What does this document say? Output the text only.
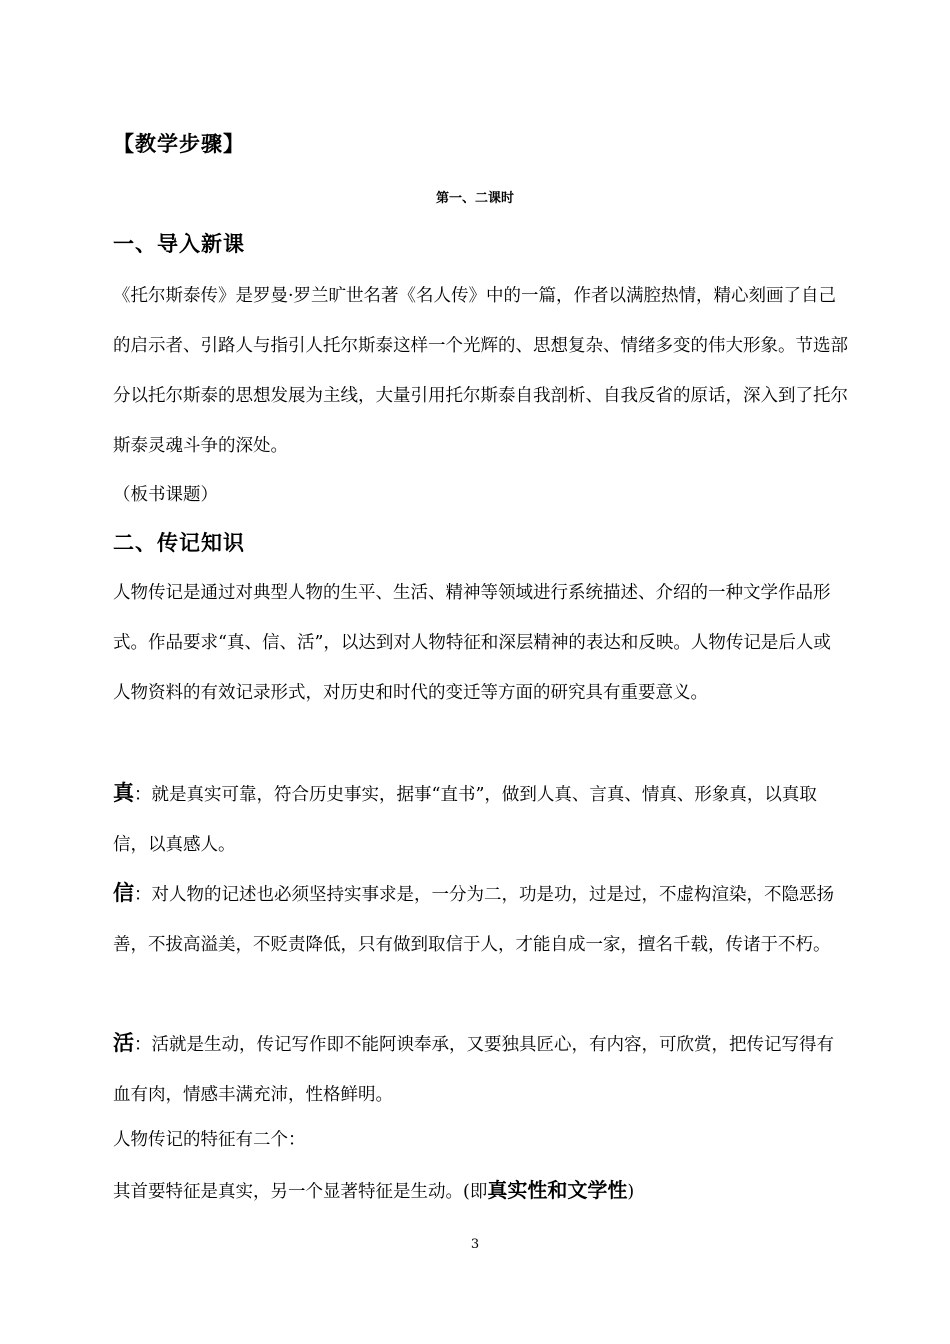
【教学步骤】

第一、二课时

一、导入新课

《托尔斯泰传》是罗曼·罗兰旷世名著《名人传》中的一篇，作者以满腔热情，精心刻画了自己的启示者、引路人与指引人托尔斯泰这样一个光辉的、思想复杂、情绪多变的伟大形象。节选部分以托尔斯泰的思想发展为主线，大量引用托尔斯泰自我剖析、自我反省的原话，深入到了托尔斯泰灵魂斗争的深处。

（板书课题）

二、传记知识

人物传记是通过对典型人物的生平、生活、精神等领域进行系统描述、介绍的一种文学作品形式。作品要求“真、信、活”，以达到对人物特征和深层精神的表达和反映。人物传记是后人或人物资料的有效记录形式，对历史和时代的变迁等方面的研究具有重要意义。

真：就是真实可靠，符合历史事实，据事“直书”，做到人真、言真、情真、形象真，以真取信，以真感人。

信：对人物的记述也必须坚持实事求是，一分为二，功是功，过是过，不虚构渲染，不隐恶扬善，不拔高溢美，不贬责降低，只有做到取信于人，才能自成一家，擅名千载，传诸于不朽。

活：活就是生动，传记写作即不能阿谀奉承，又要独具匠心，有内容，可欣赏，把传记写得有血有肉，情感丰满充沛，性格鲜明。

人物传记的特征有二个：

其首要特征是真实，另一个显著特征是生动。(即真实性和文学性)

3
